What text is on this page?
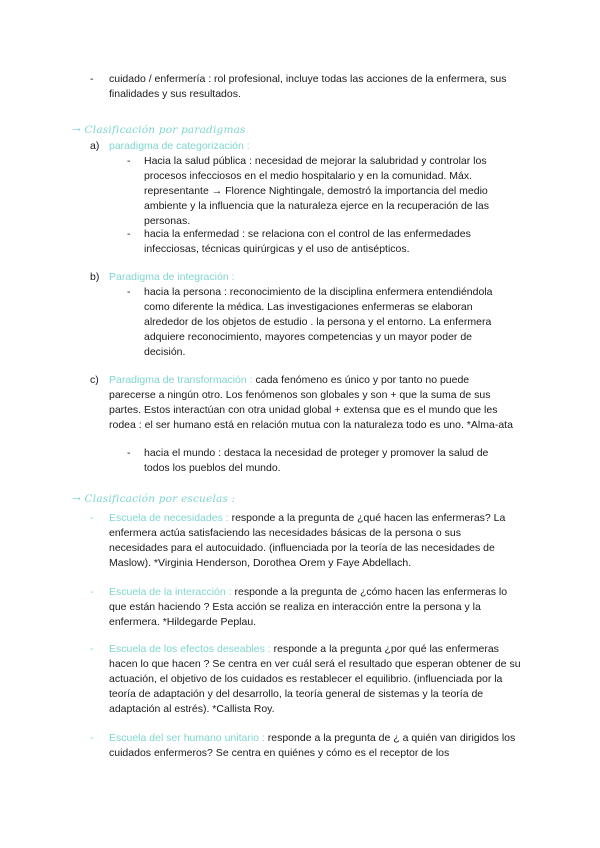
- cuidado / enfermería : rol profesional, incluye todas las acciones de la enfermera, sus finalidades y sus resultados.

→ Clasificación por paradigmas
a) paradigma de categorización :
- Hacia la salud pública : necesidad de mejorar la salubridad y controlar los procesos infecciosos en el medio hospitalario y en la comunidad. Máx. representante → Florence Nightingale, demostró la importancia del medio ambiente y la influencia que la naturaleza ejerce en la recuperación de las personas.

- hacia la enfermedad : se relaciona con el control de las enfermedades infecciosas, técnicas quirúrgicas y el uso de antisépticos.

b) Paradigma de integración :
- hacia la persona : reconocimiento de la disciplina enfermera entendiéndola como diferente la médica. Las investigaciones enfermeras se elaboran alrededor de los objetos de estudio . la persona y el entorno. La enfermera adquiere reconocimiento, mayores competencias y un mayor poder de decisión.

c) Paradigma de transformación : cada fenómeno es único y por tanto no puede parecerse a ningún otro. Los fenómenos son globales y son + que la suma de sus partes. Estos interactúan con otra unidad global + extensa que es el mundo que les rodea : el ser humano está en relación mutua con la naturaleza todo es uno. *Alma-ata

- hacia el mundo : destaca la necesidad de proteger y promover la salud de todos los pueblos del mundo.

→ Clasificación por escuelas :
- Escuela de necesidades : responde a la pregunta de ¿qué hacen las enfermeras? La enfermera actúa satisfaciendo las necesidades básicas de la persona o sus necesidades para el autocuidado. (influenciada por la teoría de las necesidades de Maslow). *Virginia Henderson, Dorothea Orem y Faye Abdellach.

- Escuela de la interacción : responde a la pregunta de ¿cómo hacen las enfermeras lo que están haciendo ? Esta acción se realiza en interacción entre la persona y la enfermera. *Hildegarde Peplau.

- Escuela de los efectos deseables : responde a la pregunta ¿por qué las enfermeras hacen lo que hacen ? Se centra en ver cuál será el resultado que esperan obtener de su actuación, el objetivo de los cuidados es restablecer el equilibrio. (influenciada por la teoría de adaptación y del desarrollo, la teoría general de sistemas y la teoría de adaptación al estrés). *Callista Roy.

- Escuela del ser humano unitario : responde a la pregunta de ¿ a quién van dirigidos los cuidados enfermeros? Se centra en quiénes y cómo es el receptor de los
